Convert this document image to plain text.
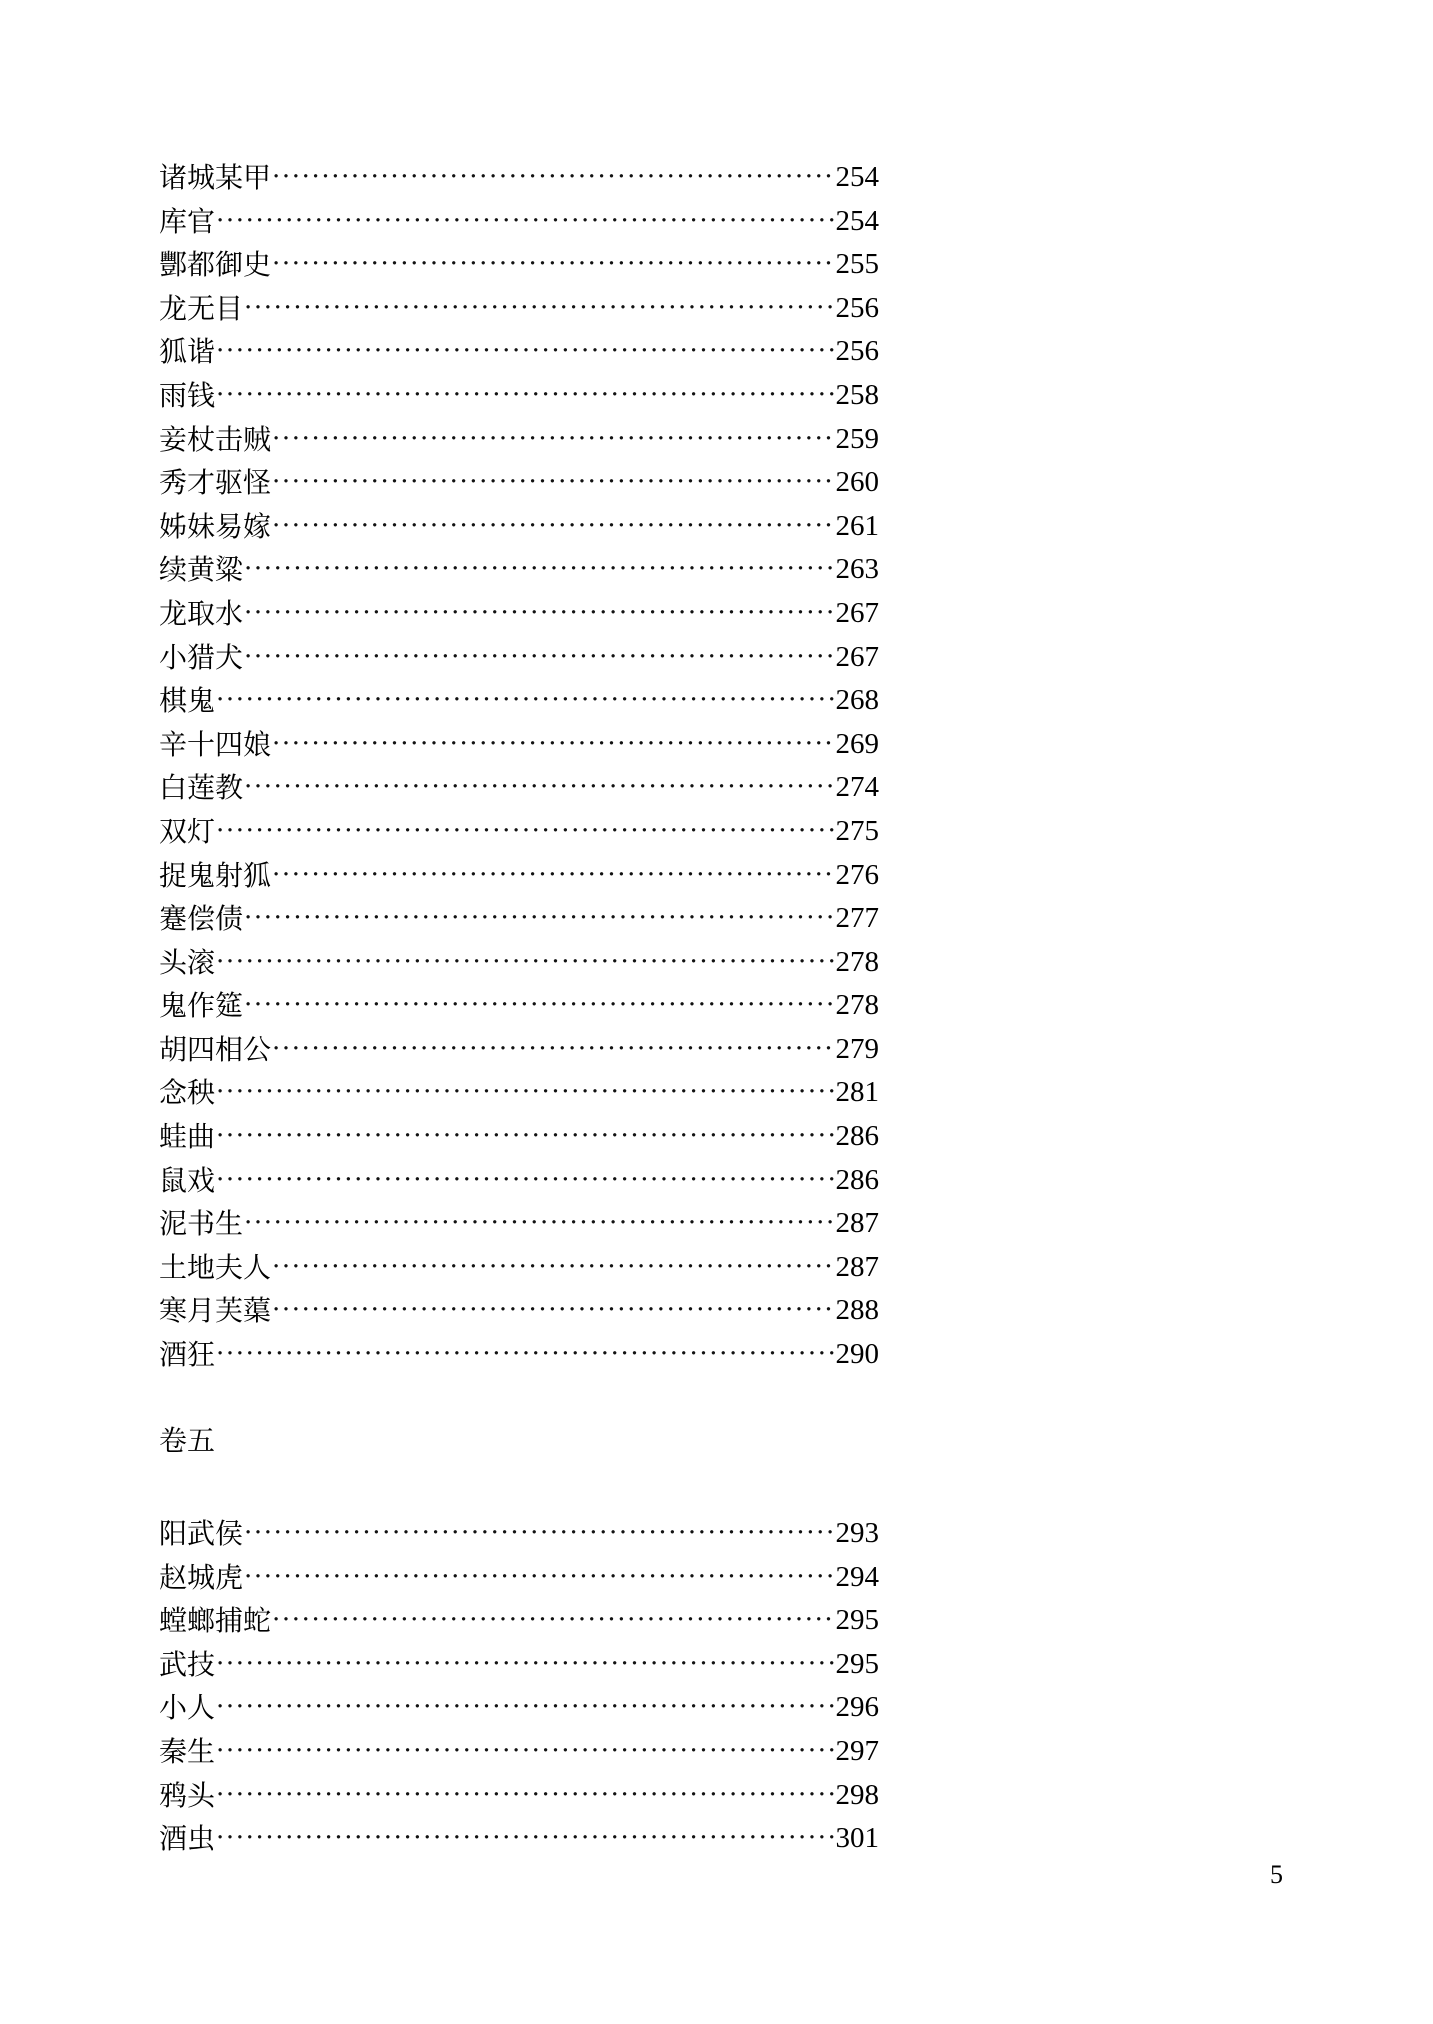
诸城某甲 ·····	254
库官 ·····	254
酆都御史 ·····	255
龙无目 ·····	256
狐谐 ·····	256
雨钱 ·····	258
妾杖击贼 ·····	259
秀才驱怪 ·····	260
姊妹易嫁 ·····	261
续黄粱 ·····	263
龙取水 ·····	267
小猎犬 ·····	267
棋鬼 ·····	268
辛十四娘 ·····	269
白莲教 ·····	274
双灯 ·····	275
捉鬼射狐 ·····	276
蹇偿债 ·····	277
头滚 ·····	278
鬼作筵 ·····	278
胡四相公 ·····	279
念秧 ·····	281
蛙曲 ·····	286
鼠戏 ·····	286
泥书生 ·····	287
土地夫人 ·····	287
寒月芙蕖 ·····	288
酒狂 ·····	290
卷五
阳武侯 ·····	293
赵城虎 ·····	294
螳螂捕蛇 ·····	295
武技 ·····	295
小人 ·····	296
秦生 ·····	297
鸦头 ·····	298
酒虫 ·····	301
5
